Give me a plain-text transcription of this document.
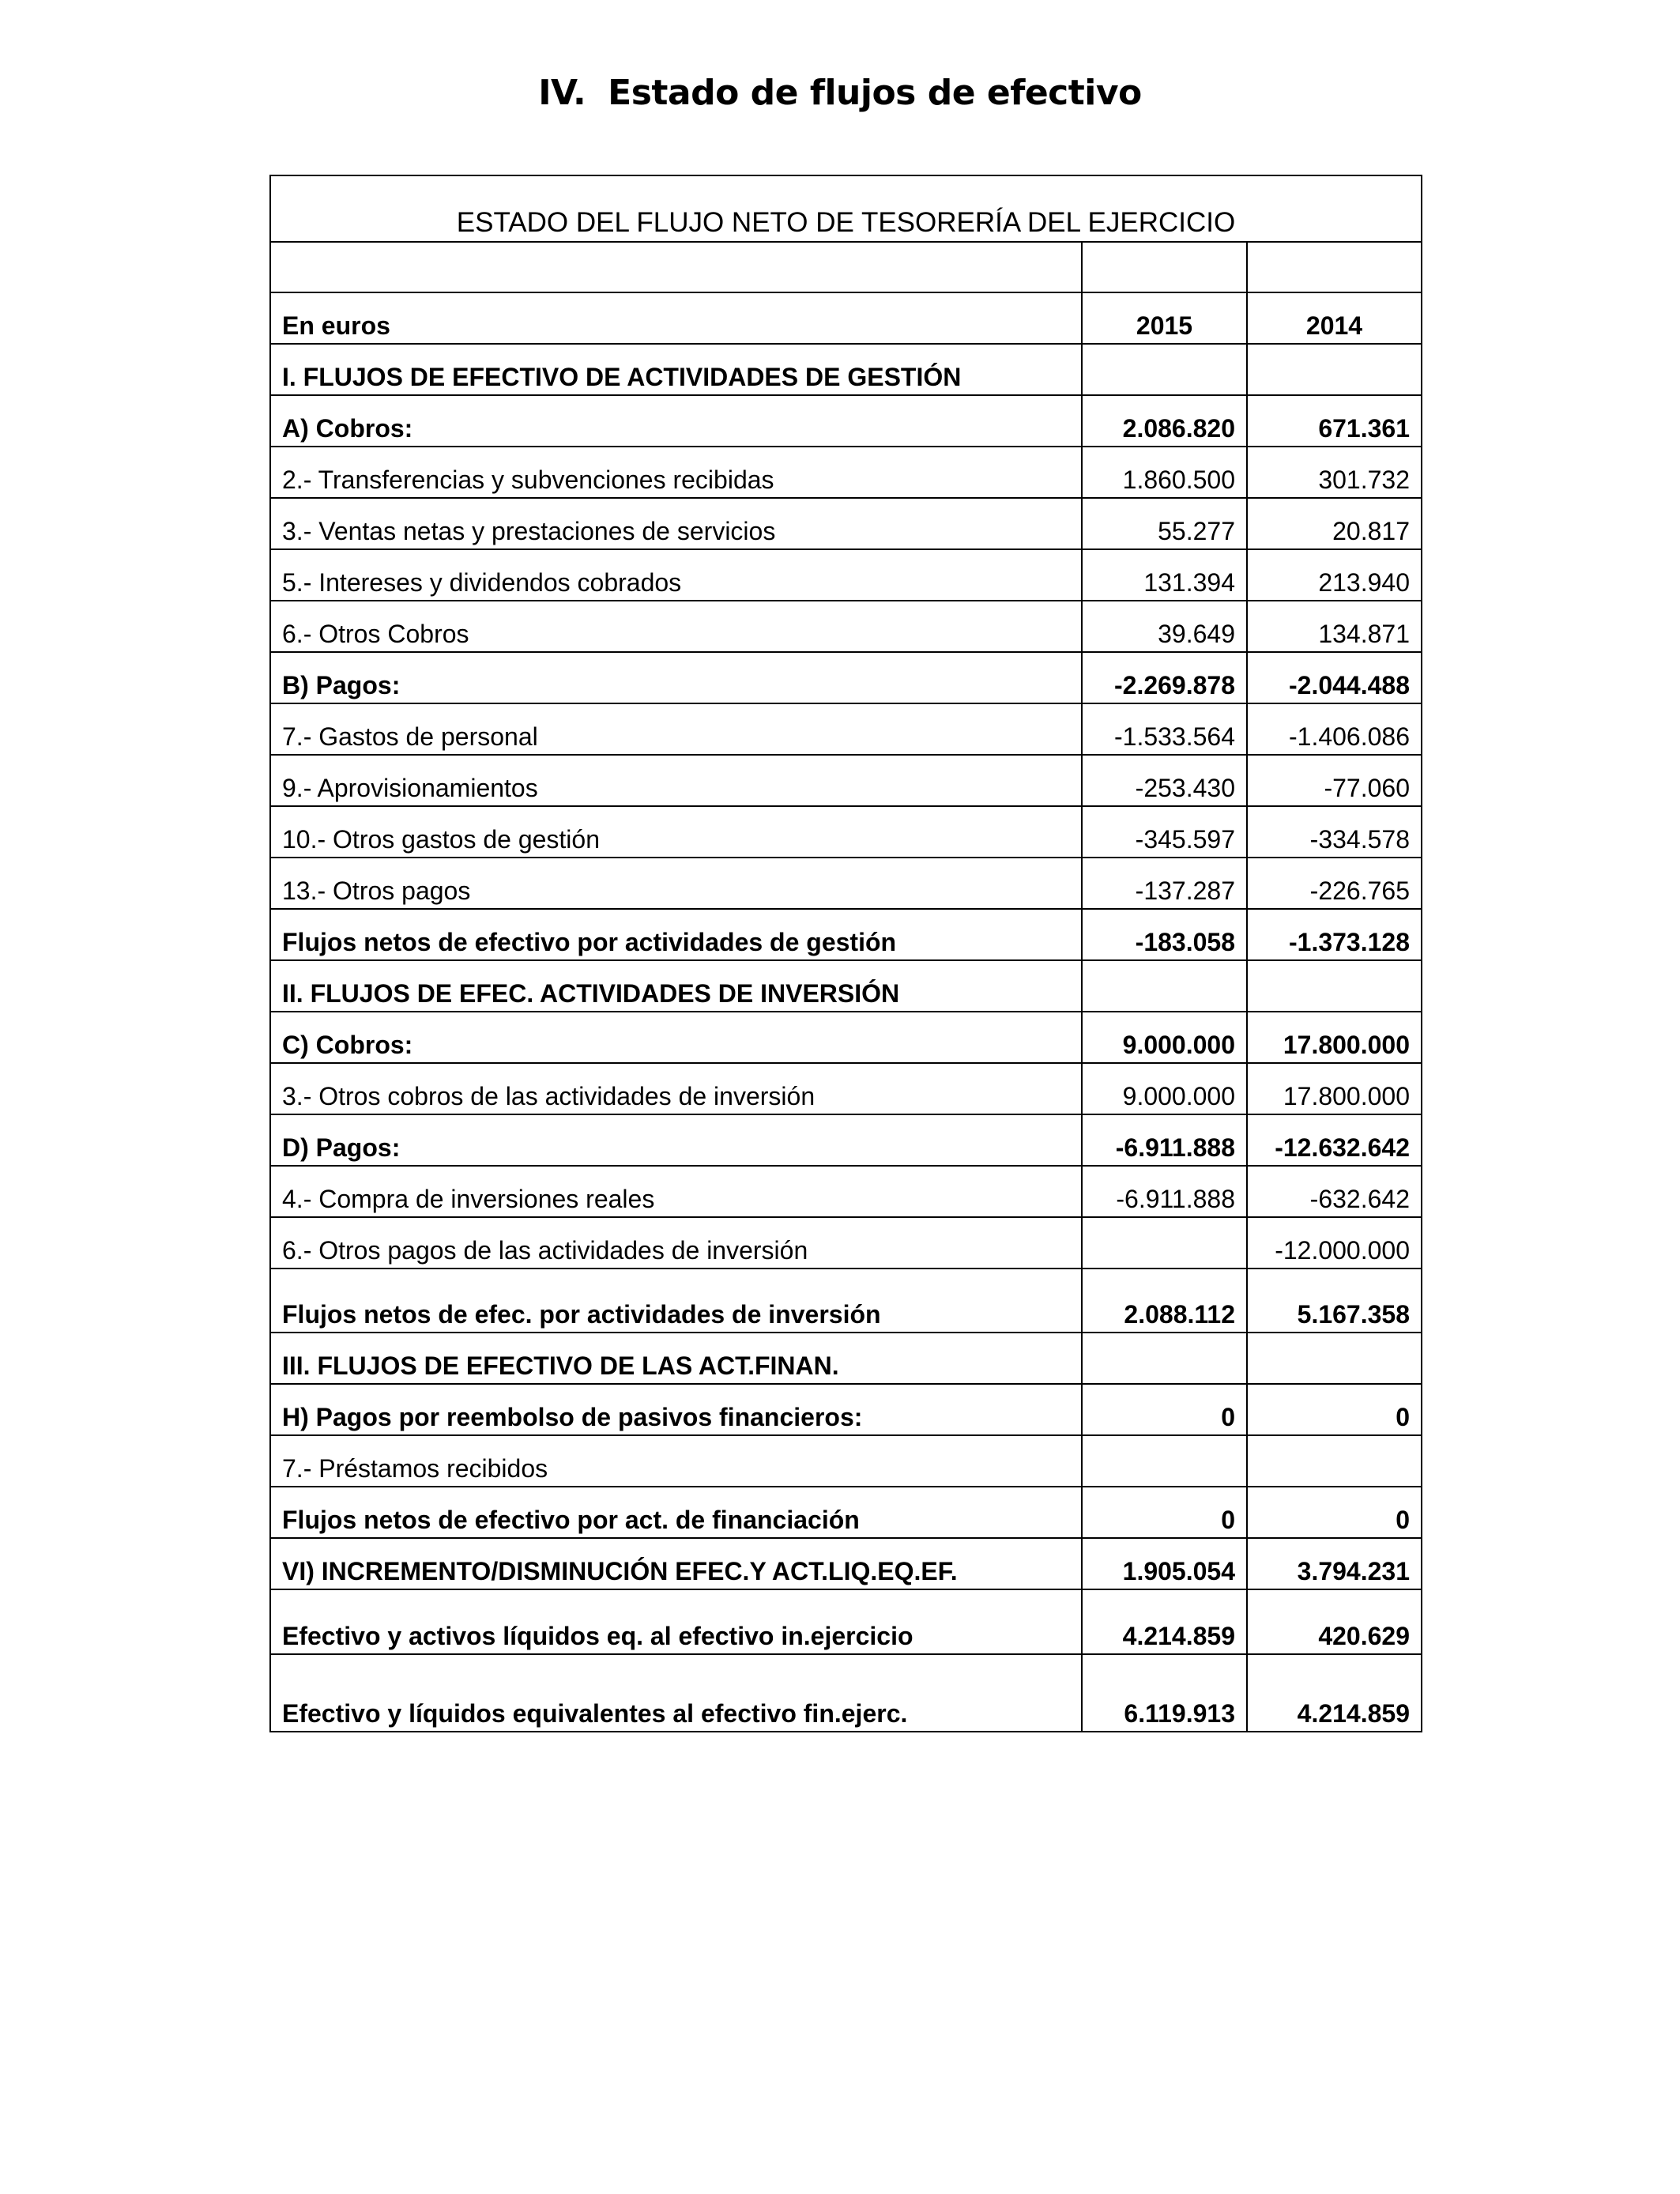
IV. Estado de flujos de efectivo
ESTADO DEL FLUJO NETO DE TESORERÍA DEL EJERCICIO		

En euros	2015	2014
I. FLUJOS DE EFECTIVO DE ACTIVIDADES DE GESTIÓN		
A) Cobros:	2.086.820	671.361
2.- Transferencias y subvenciones recibidas	1.860.500	301.732
3.- Ventas netas y prestaciones de servicios	55.277	20.817
5.- Intereses y dividendos cobrados	131.394	213.940
6.- Otros Cobros	39.649	134.871
B) Pagos:	-2.269.878	-2.044.488
7.- Gastos de personal	-1.533.564	-1.406.086
9.- Aprovisionamientos	-253.430	-77.060
10.- Otros gastos de gestión	-345.597	-334.578
13.- Otros pagos	-137.287	-226.765
Flujos netos de efectivo por actividades de gestión	-183.058	-1.373.128
II. FLUJOS DE EFEC. ACTIVIDADES DE INVERSIÓN		
C) Cobros:	9.000.000	17.800.000
3.- Otros cobros de las actividades de inversión	9.000.000	17.800.000
D) Pagos:	-6.911.888	-12.632.642
4.- Compra de inversiones reales	-6.911.888	-632.642
6.- Otros pagos de las actividades de inversión		-12.000.000
Flujos netos de efec. por actividades de inversión	2.088.112	5.167.358
III. FLUJOS DE EFECTIVO DE LAS ACT.FINAN.		
H) Pagos por reembolso de pasivos financieros:	0	0
7.- Préstamos recibidos		
Flujos netos de efectivo por act. de financiación	0	0
VI) INCREMENTO/DISMINUCIÓN EFEC.Y ACT.LIQ.EQ.EF.	1.905.054	3.794.231
Efectivo y activos líquidos eq. al efectivo in.ejercicio	4.214.859	420.629
Efectivo y líquidos equivalentes al efectivo fin.ejerc.	6.119.913	4.214.859
